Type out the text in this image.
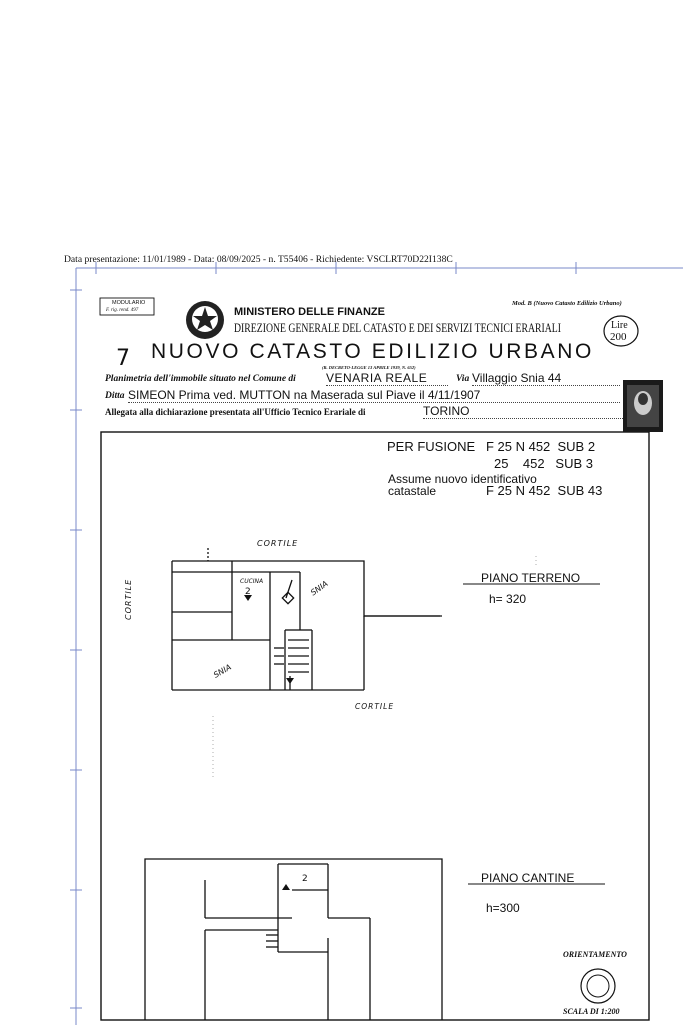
Data presentazione: 11/01/1989 - Data: 08/09/2025 - n. T55406 - Richiedente: VSCLRT70D22I138C
MODULARIO
F. rig. rend. 497	MINISTERO DELLE FINANZE
Mod. B (Nuovo Catasto Edilizio Urbano)
DIREZIONE GENERALE DEL CATASTO E DEI SERVIZI TECNICI ERARIALI	Lire
200
7 NUOVO CATASTO EDILIZIO URBANO
(R. DECRETO-LEGGE 13 APRILE 1939, N. 652)
Planimetria dell'immobile situato nel Comune di	VENARIA REALE	Via Villaggio Snia 44
Ditta SIMEON Prima ved. MUTTON na Maserada sul Piave il 4/11/1907
Allegata alla dichiarazione presentata all'Ufficio Tecnico Erariale di	TORINO
PER FUSIONE   F 25 N 452  SUB 2
25    452   SUB 3
Assume nuovo identificativo
catastale	F 25 N 452  SUB 43
CORTILE
CORTILE
CORTILE
CUCINA
2	SNIA
SNIA
2
PIANO TERRENO
h= 320
PIANO CANTINE
h=300
ORIENTAMENTO
SCALA DI 1:200
